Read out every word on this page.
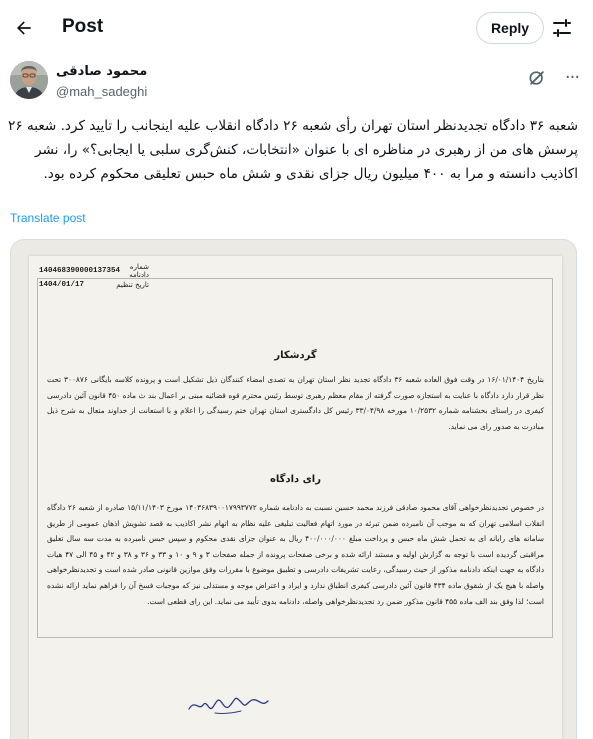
Post	Reply
محمود صادقی
@mah_sadeghi
···
شعبه ۳۶ دادگاه تجدیدنظر استان تهران رأی شعبه ۲۶ دادگاه انقلاب علیه اینجانب را تایید کرد. شعبه ۲۶ پرسش های من از رهبری در مناظره ای با عنوان «انتخابات، کنش‌گری سلبی یا ایجابی؟» را، نشر اکاذیب دانسته و مرا به ۴۰۰ میلیون ریال جزای نقدی و شش ماه حبس تعلیقی محکوم کرده بود.
Translate post
140468390000137354	شماره دادنامه
1404/01/17	تاریخ تنظیم
گردشکار
بتاریخ ۱۶/۰۱/۱۴۰۴ در وقت فوق العاده شعبه ۳۶ دادگاه تجدید نظر استان تهران به تصدی امضاء کنندگان ذیل تشکیل است و پرونده کلاسه بایگانی ۳۰۰۸۷۶ تحت نظر قرار دارد دادگاه با عنایت به استجازه صورت گرفته از مقام معظم رهبری توسط رئیس محترم قوه قضائیه مبنی بر اعمال بند ث ماده ۴۵۰ قانون آئین دادرسی کیفری در راستای بخشنامه شماره ۱۰/۲۵۳۲ مورخه ۳۳/۰۴/۹۸ رئیس کل دادگستری استان تهران ختم رسیدگی را اعلام و با استعانت از خداوند متعال به شرح ذیل مبادرت به صدور رای می نماید.
رای دادگاه
در خصوص تجدیدنظرخواهی آقای محمود صادقی فرزند محمد حسین نسبت به دادنامه شماره ۱۴۰۳۶۸۳۹۰۰۱۷۹۹۳۷۷۲ مورخ ۱۵/۱۱/۱۴۰۳ صادره از شعبه ۲۶ دادگاه انقلاب اسلامی تهران که به موجب آن نامبرده ضمن تبرئه در مورد اتهام فعالیت تبلیغی علیه نظام به اتهام نشر اکاذیب به قصد تشویش اذهان عمومی از طریق سامانه های رایانه ای به تحمل شش ماه حبس و پرداخت مبلغ ۴۰۰/۰۰۰/۰۰۰ ریال به عنوان جزای نقدی محکوم و سپس حبس نامبرده به مدت سه سال تعلیق مراقبتی گردیده است با توجه به گزارش اولیه و مستند ارائه شده و برخی صفحات پرونده از جمله صفحات ۳ و ۹ و ۱۰ و ۳۳ و ۳۶ و ۳۸ و ۴۲ و ۴۵ الی ۴۷ هیات دادگاه به جهت اینکه دادنامه مذکور از حیث رسیدگی، رعایت تشریفات دادرسی و تطبیق موضوع با مقررات وفق موازین قانونی صادر شده است و تجدیدنظرخواهی واصله با هیچ یک از شقوق ماده ۴۳۴ قانون آئین دادرسی کیفری انطباق ندارد و ایراد و اعتراض موجه و مستدلی نیز که موجبات فسخ آن را فراهم نماید ارائه نشده است؛ لذا وفق بند الف ماده ۴۵۵ قانون مذکور ضمن رد تجدیدنظرخواهی واصله، دادنامه بدوی تأیید می نماید. این رای قطعی است.
